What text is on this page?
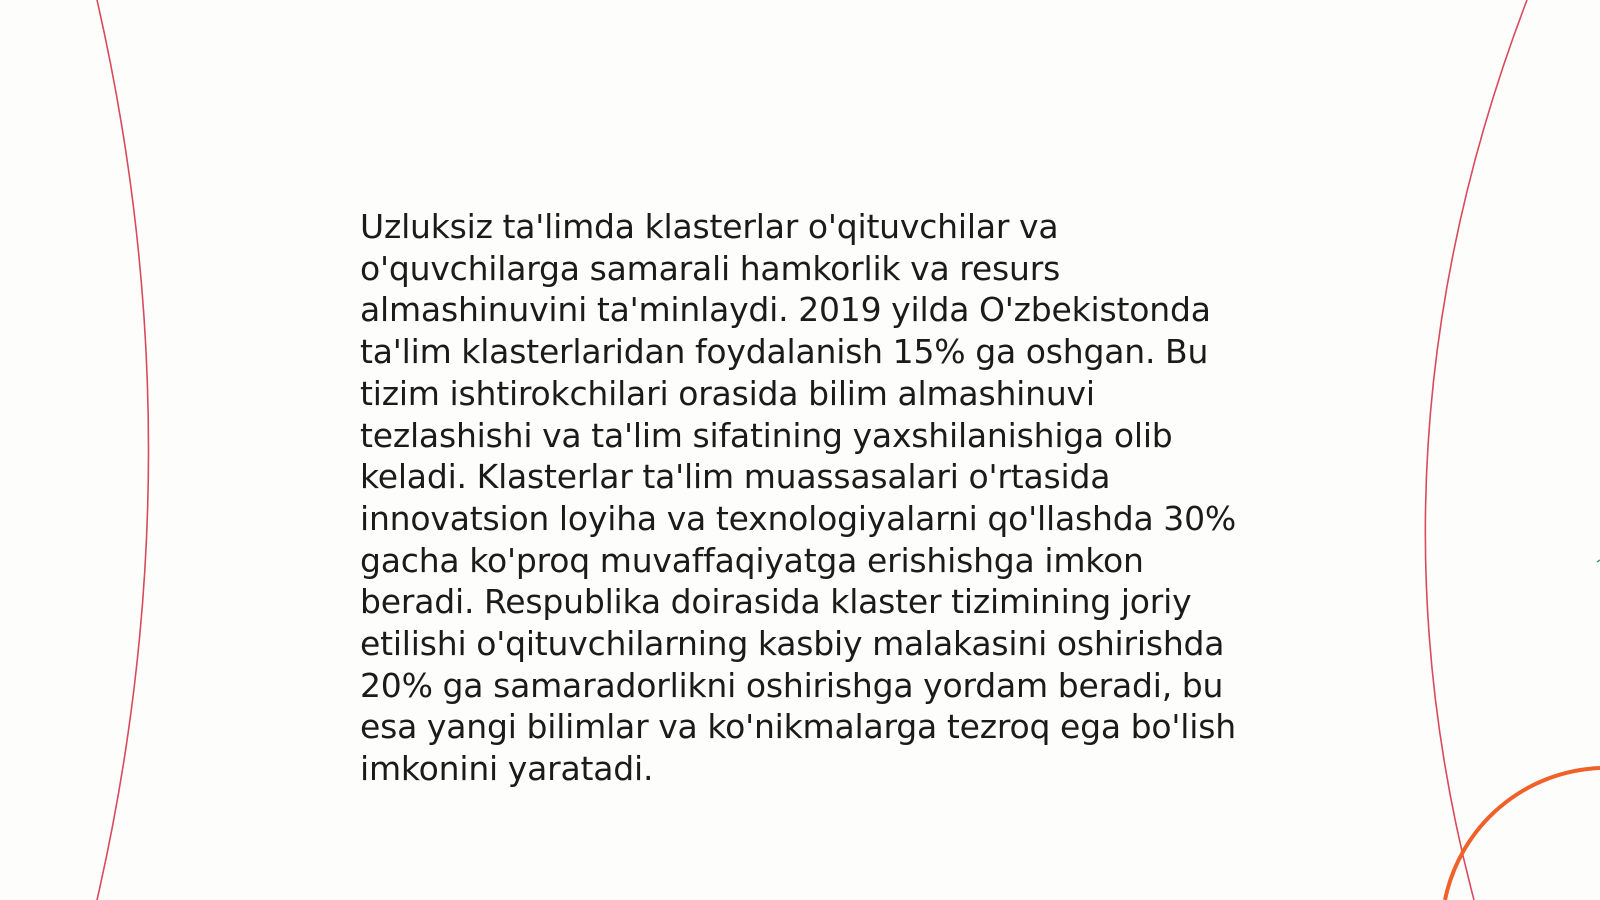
Uzluksiz ta'limda klasterlar o'qituvchilar va
o'quvchilarga samarali hamkorlik va resurs
almashinuvini ta'minlaydi. 2019 yilda O'zbekistonda
ta'lim klasterlaridan foydalanish 15% ga oshgan. Bu
tizim ishtirokchilari orasida bilim almashinuvi
tezlashishi va ta'lim sifatining yaxshilanishiga olib
keladi. Klasterlar ta'lim muassasalari o'rtasida
innovatsion loyiha va texnologiyalarni qo'llashda 30%
gacha ko'proq muvaffaqiyatga erishishga imkon
beradi. Respublika doirasida klaster tizimining joriy
etilishi o'qituvchilarning kasbiy malakasini oshirishda
20% ga samaradorlikni oshirishga yordam beradi, bu
esa yangi bilimlar va ko'nikmalarga tezroq ega bo'lish
imkonini yaratadi.
